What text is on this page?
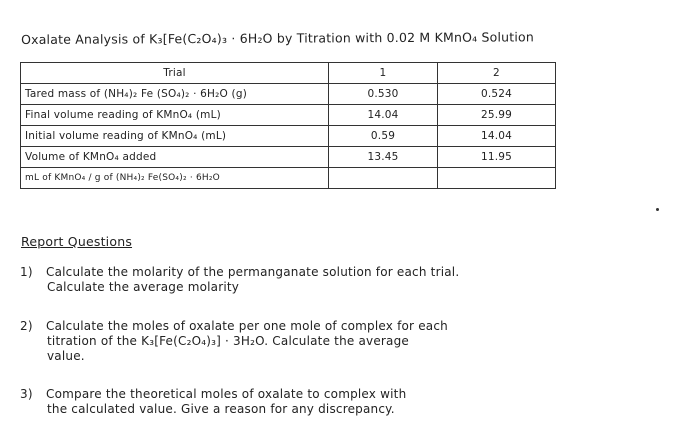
Oxalate Analysis of K₃[Fe(C₂O₄)₃ · 6H₂O by Titration with 0.02 M KMnO₄ Solution
Trial	1	2
Tared mass of (NH₄)₂ Fe (SO₄)₂ · 6H₂O (g)	0.530	0.524
Final volume reading of KMnO₄ (mL)	14.04	25.99
Initial volume reading of KMnO₄ (mL)	0.59	14.04
Volume of KMnO₄ added	13.45	11.95
mL of KMnO₄ / g of (NH₄)₂ Fe(SO₄)₂ · 6H₂O		
Report Questions
1) Calculate the molarity of the permanganate solution for each trial.
Calculate the average molarity
2) Calculate the moles of oxalate per one mole of complex for each
titration of the K₃[Fe(C₂O₄)₃] · 3H₂O. Calculate the average
value.
3) Compare the theoretical moles of oxalate to complex with
the calculated value. Give a reason for any discrepancy.
